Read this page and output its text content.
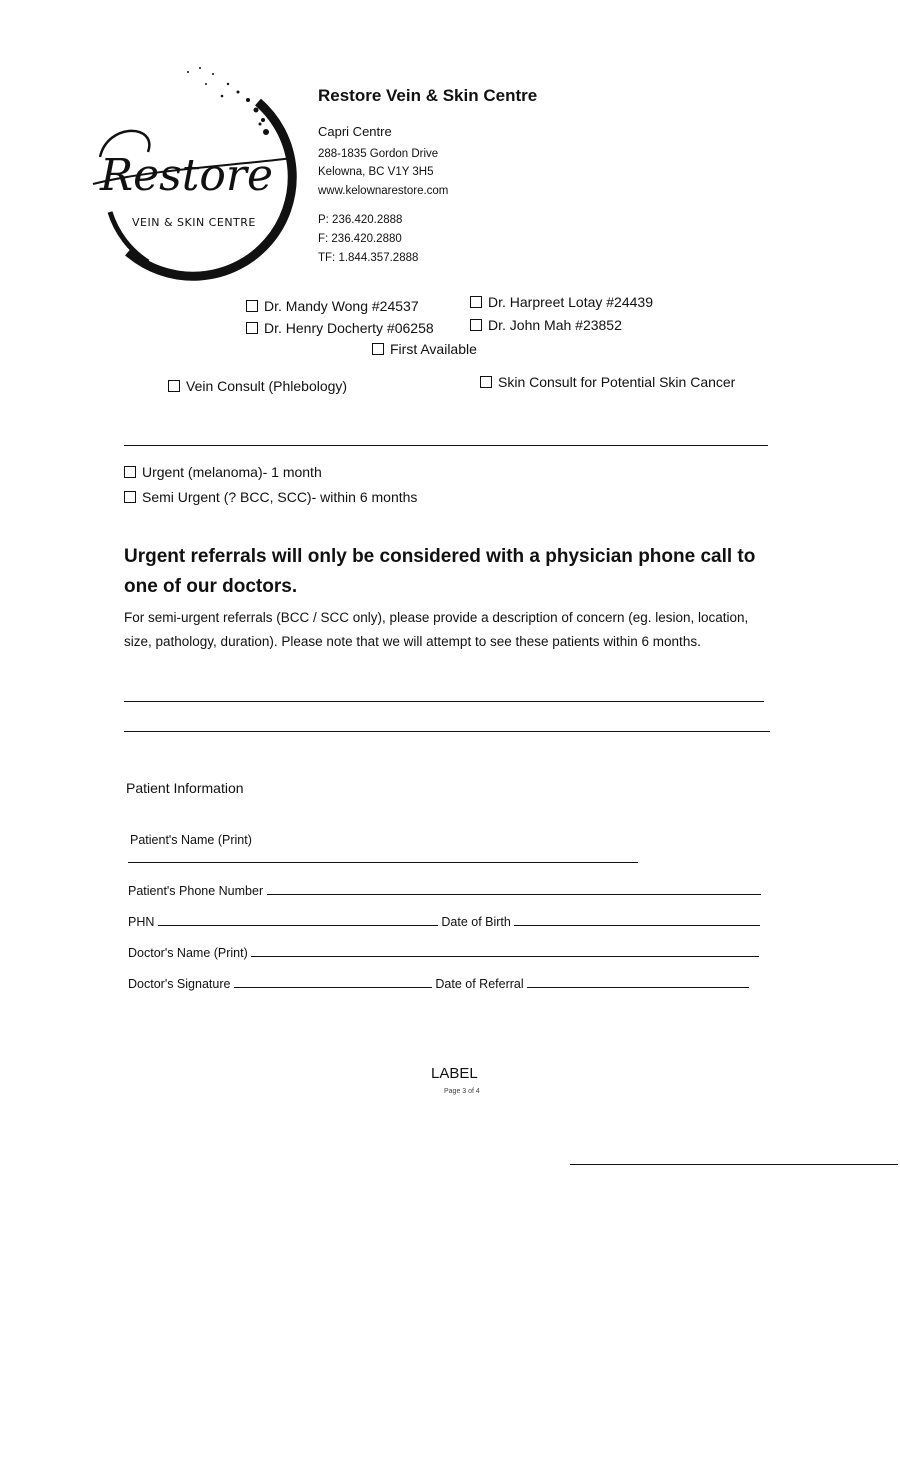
Restore
VEIN & SKIN CENTRE
Restore Vein & Skin Centre
Capri Centre
288-1835 Gordon Drive
Kelowna, BC V1Y 3H5
www.kelownarestore.com
P: 236.420.2888
F: 236.420.2880
TF: 1.844.357.2888
Dr. Mandy Wong #24537	Dr. Harpreet Lotay #24439
Dr. Henry Docherty #06258	Dr. John Mah #23852
First Available
Vein Consult (Phlebology)	Skin Consult for Potential Skin Cancer
Urgent (melanoma)- 1 month
Semi Urgent (? BCC, SCC)- within 6 months
Urgent referrals will only be considered with a physician phone call to one of our doctors.
For semi-urgent referrals (BCC / SCC only), please provide a description of concern (eg. lesion, location, size, pathology, duration). Please note that we will attempt to see these patients within 6 months.
Patient Information
Patient's Name (Print)
Patient's Phone Number
PHN	Date of Birth
Doctor's Name (Print)
Doctor's Signature	Date of Referral
LABEL
Page 3 of 4
